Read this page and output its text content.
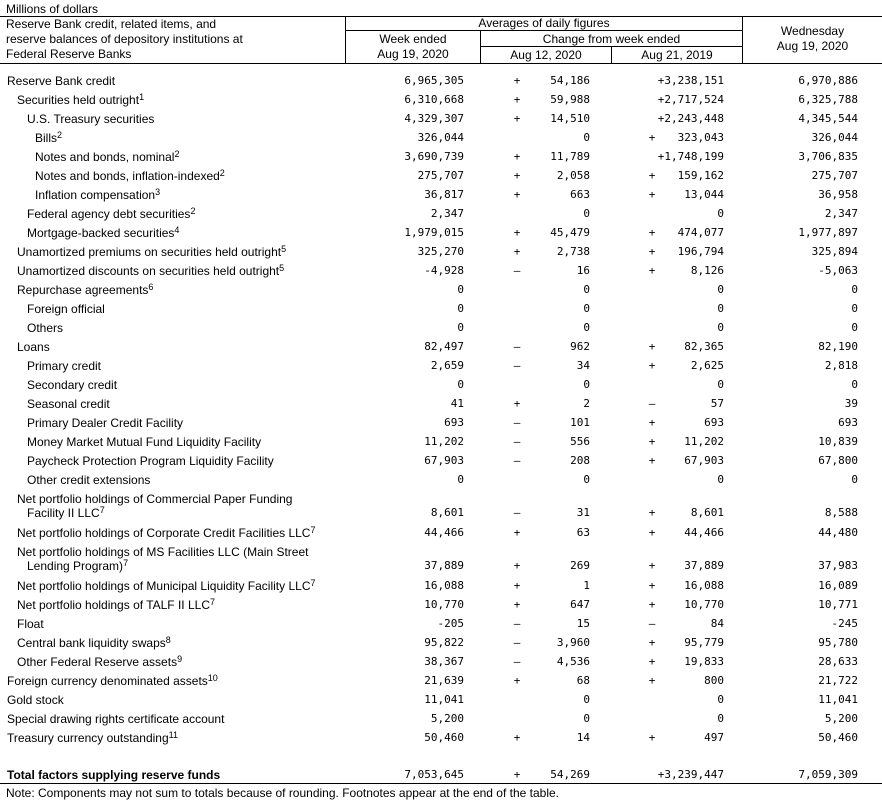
Millions of dollars
Reserve Bank credit, related items, and
reserve balances of depository institutions at
Federal Reserve Banks
Averages of daily figures
Week ended
Aug 19, 2020
Change from week ended
Aug 12, 2020	Aug 21, 2019
Wednesday
Aug 19, 2020
Reserve Bank credit	6,965,305	+	54,186	+3,238,151	6,970,886
Securities held outright$^1$	6,310,668	+	59,988	+2,717,524	6,325,788
U.S. Treasury securities	4,329,307	+	14,510	+2,243,448	4,345,544
Bills$^2$	326,044	0	+	323,043	326,044
Notes and bonds, nominal$^2$	3,690,739	+	11,789	+1,748,199	3,706,835
Notes and bonds, inflation-indexed$^2$	275,707	+	2,058	+	159,162	275,707
Inflation compensation$^3$	36,817	+	663	+	13,044	36,958
Federal agency debt securities$^2$	2,347	0	0	2,347
Mortgage-backed securities$^4$	1,979,015	+	45,479	+	474,077	1,977,897
Unamortized premiums on securities held outright$^5$	325,270	+	2,738	+	196,794	325,894
Unamortized discounts on securities held outright$^5$	-4,928	–	16	+	8,126	-5,063
Repurchase agreements$^6$	0	0	0	0
Foreign official	0	0	0	0
Others	0	0	0	0
Loans	82,497	–	962	+	82,365	82,190
Primary credit	2,659	–	34	+	2,625	2,818
Secondary credit	0	0	0	0
Seasonal credit	41	+	2	–	57	39
Primary Dealer Credit Facility	693	–	101	+	693	693
Money Market Mutual Fund Liquidity Facility	11,202	–	556	+	11,202	10,839
Paycheck Protection Program Liquidity Facility	67,903	–	208	+	67,903	67,800
Other credit extensions	0	0	0	0
Net portfolio holdings of Commercial Paper Funding
Facility II LLC$^7$	8,601	–	31	+	8,601	8,588
Net portfolio holdings of Corporate Credit Facilities LLC$^7$	44,466	+	63	+	44,466	44,480
Net portfolio holdings of MS Facilities LLC (Main Street
Lending Program)$^7$	37,889	+	269	+	37,889	37,983
Net portfolio holdings of Municipal Liquidity Facility LLC$^7$	16,088	+	1	+	16,088	16,089
Net portfolio holdings of TALF II LLC$^7$	10,770	+	647	+	10,770	10,771
Float	-205	–	15	–	84	-245
Central bank liquidity swaps$^8$	95,822	–	3,960	+	95,779	95,780
Other Federal Reserve assets$^9$	38,367	–	4,536	+	19,833	28,633
Foreign currency denominated assets$^{10}$	21,639	+	68	+	800	21,722
Gold stock	11,041	0	0	11,041
Special drawing rights certificate account	5,200	0	0	5,200
Treasury currency outstanding$^{11}$	50,460	+	14	+	497	50,460
Total factors supplying reserve funds	7,053,645	+	54,269	+3,239,447	7,059,309
Note: Components may not sum to totals because of rounding. Footnotes appear at the end of the table.
